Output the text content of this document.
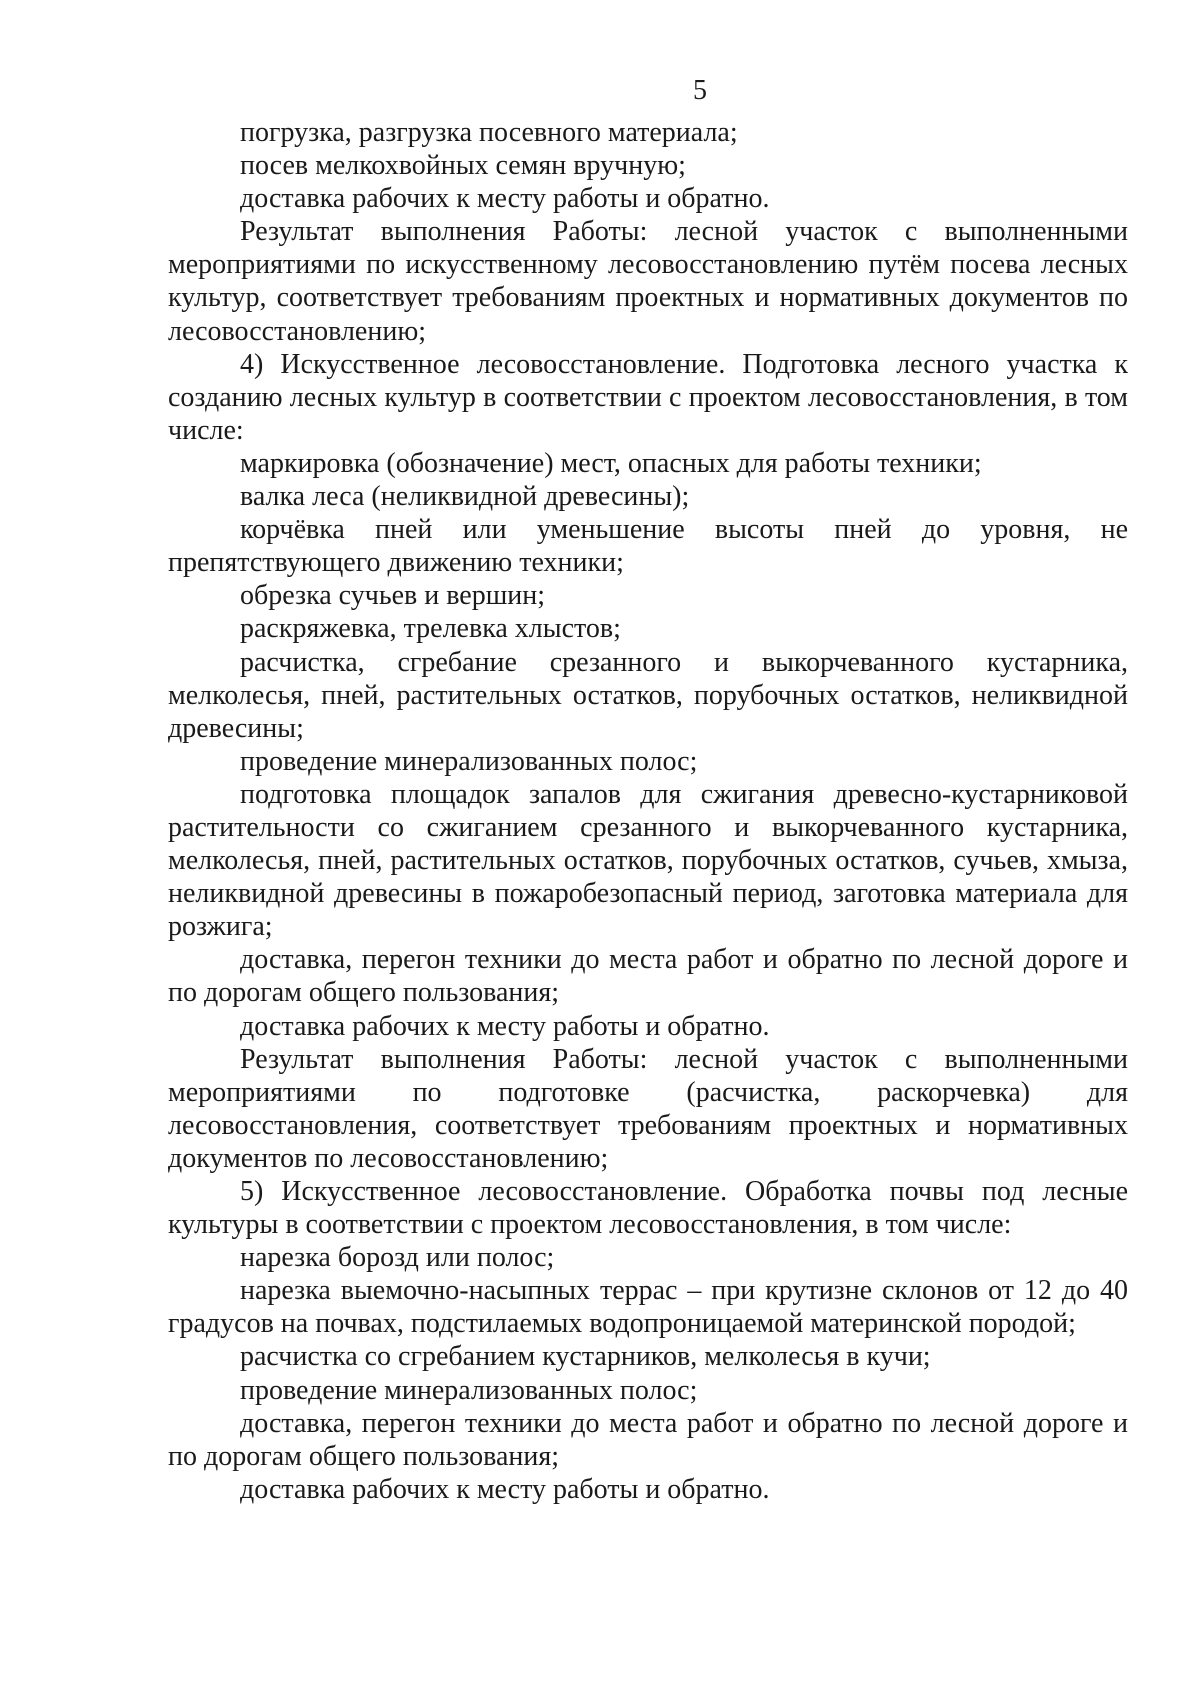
5

погрузка, разгрузка посевного материала;

посев мелкохвойных семян вручную;

доставка рабочих к месту работы и обратно.

Результат выполнения Работы: лесной участок с выполненными мероприятиями по искусственному лесовосстановлению путём посева лесных культур, соответствует требованиям проектных и нормативных документов по лесовосстановлению;

4) Искусственное лесовосстановление. Подготовка лесного участка к созданию лесных культур в соответствии с проектом лесовосстановления, в том числе:

маркировка (обозначение) мест, опасных для работы техники;

валка леса (неликвидной древесины);

корчёвка пней или уменьшение высоты пней до уровня, не препятствующего движению техники;

обрезка сучьев и вершин;

раскряжевка, трелевка хлыстов;

расчистка, сгребание срезанного и выкорчеванного кустарника, мелколесья, пней, растительных остатков, порубочных остатков, неликвидной древесины;

проведение минерализованных полос;

подготовка площадок запалов для сжигания древесно-кустарниковой растительности со сжиганием срезанного и выкорчеванного кустарника, мелколесья, пней, растительных остатков, порубочных остатков, сучьев, хмыза, неликвидной древесины в пожаробезопасный период, заготовка материала для розжига;

доставка, перегон техники до места работ и обратно по лесной дороге и по дорогам общего пользования;

доставка рабочих к месту работы и обратно.

Результат выполнения Работы: лесной участок с выполненными мероприятиями по подготовке (расчистка, раскорчевка) для лесовосстановления, соответствует требованиям проектных и нормативных документов по лесовосстановлению;

5) Искусственное лесовосстановление. Обработка почвы под лесные культуры в соответствии с проектом лесовосстановления, в том числе:

нарезка борозд или полос;

нарезка выемочно-насыпных террас – при крутизне склонов от 12 до 40 градусов на почвах, подстилаемых водопроницаемой материнской породой;

расчистка со сгребанием кустарников, мелколесья в кучи;

проведение минерализованных полос;

доставка, перегон техники до места работ и обратно по лесной дороге и по дорогам общего пользования;

доставка рабочих к месту работы и обратно.
